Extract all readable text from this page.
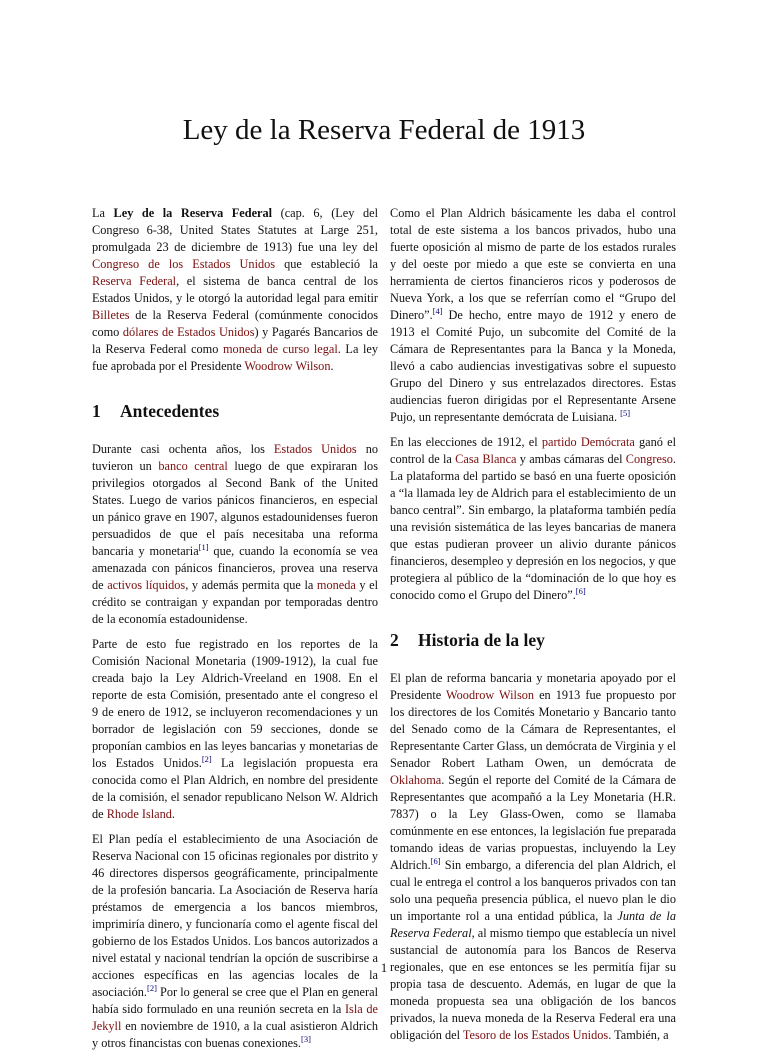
Ley de la Reserva Federal de 1913

La Ley de la Reserva Federal (cap. 6, (Ley del Congreso 6-38, United States Statutes at Large 251, promulgada 23 de diciembre de 1913) fue una ley del Congreso de los Estados Unidos que estableció la Reserva Federal, el sistema de banca central de los Estados Unidos, y le otorgó la autoridad legal para emitir Billetes de la Reserva Federal (comúnmente conocidos como dólares de Estados Unidos) y Pagarés Bancarios de la Reserva Federal como moneda de curso legal. La ley fue aprobada por el Presidente Woodrow Wilson.

1 Antecedentes

Durante casi ochenta años, los Estados Unidos no tuvieron un banco central luego de que expiraran los privilegios otorgados al Second Bank of the United States. Luego de varios pánicos financieros, en especial un pánico grave en 1907, algunos estadounidenses fueron persuadidos de que el país necesitaba una reforma bancaria y monetaria[1] que, cuando la economía se vea amenazada con pánicos financieros, provea una reserva de activos líquidos, y además permita que la moneda y el crédito se contraigan y expandan por temporadas dentro de la economía estadounidense.

Parte de esto fue registrado en los reportes de la Comisión Nacional Monetaria (1909-1912), la cual fue creada bajo la Ley Aldrich-Vreeland en 1908. En el reporte de esta Comisión, presentado ante el congreso el 9 de enero de 1912, se incluyeron recomendaciones y un borrador de legislación con 59 secciones, donde se proponían cambios en las leyes bancarias y monetarias de los Estados Unidos.[2] La legislación propuesta era conocida como el Plan Aldrich, en nombre del presidente de la comisión, el senador republicano Nelson W. Aldrich de Rhode Island.

El Plan pedía el establecimiento de una Asociación de Reserva Nacional con 15 oficinas regionales por distrito y 46 directores dispersos geográficamente, principalmente de la profesión bancaria. La Asociación de Reserva haría préstamos de emergencia a los bancos miembros, imprimiría dinero, y funcionaría como el agente fiscal del gobierno de los Estados Unidos. Los bancos autorizados a nivel estatal y nacional tendrían la opción de suscribirse a acciones específicas en las agencias locales de la asociación.[2] Por lo general se cree que el Plan en general había sido formulado en una reunión secreta en la Isla de Jekyll en noviembre de 1910, a la cual asistieron Aldrich y otros financistas con buenas conexiones.[3]

Como el Plan Aldrich básicamente les daba el control total de este sistema a los bancos privados, hubo una fuerte oposición al mismo de parte de los estados rurales y del oeste por miedo a que este se convierta en una herramienta de ciertos financieros ricos y poderosos de Nueva York, a los que se referrían como el “Grupo del Dinero”.[4] De hecho, entre mayo de 1912 y enero de 1913 el Comité Pujo, un subcomite del Comité de la Cámara de Representantes para la Banca y la Moneda, llevó a cabo audiencias investigativas sobre el supuesto Grupo del Dinero y sus entrelazados directores. Estas audiencias fueron dirigidas por el Representante Arsene Pujo, un representante demócrata de Luisiana. [5]

En las elecciones de 1912, el partido Demócrata ganó el control de la Casa Blanca y ambas cámaras del Congreso. La plataforma del partido se basó en una fuerte oposición a “la llamada ley de Aldrich para el establecimiento de un banco central”. Sin embargo, la plataforma también pedía una revisión sistemática de las leyes bancarias de manera que estas pudieran proveer un alivio durante pánicos financieros, desempleo y depresión en los negocios, y que protegiera al público de la “dominación de lo que hoy es conocido como el Grupo del Dinero”.[6]

2 Historia de la ley

El plan de reforma bancaria y monetaria apoyado por el Presidente Woodrow Wilson en 1913 fue propuesto por los directores de los Comités Monetario y Bancario tanto del Senado como de la Cámara de Representantes, el Representante Carter Glass, un demócrata de Virginia y el Senador Robert Latham Owen, un demócrata de Oklahoma. Según el reporte del Comité de la Cámara de Representantes que acompañó a la Ley Monetaria (H.R. 7837) o la Ley Glass-Owen, como se llamaba comúnmente en ese entonces, la legislación fue preparada tomando ideas de varias propuestas, incluyendo la Ley Aldrich.[6] Sin embargo, a diferencia del plan Aldrich, el cual le entrega el control a los banqueros privados con tan solo una pequeña presencia pública, el nuevo plan le dio un importante rol a una entidad pública, la Junta de la Reserva Federal, al mismo tiempo que establecía un nivel sustancial de autonomía para los Bancos de Reserva regionales, que en ese entonces se les permitía fijar su propia tasa de descuento. Además, en lugar de que la moneda propuesta sea una obligación de los bancos privados, la nueva moneda de la Reserva Federal era una obligación del Tesoro de los Estados Unidos. También, a

1
